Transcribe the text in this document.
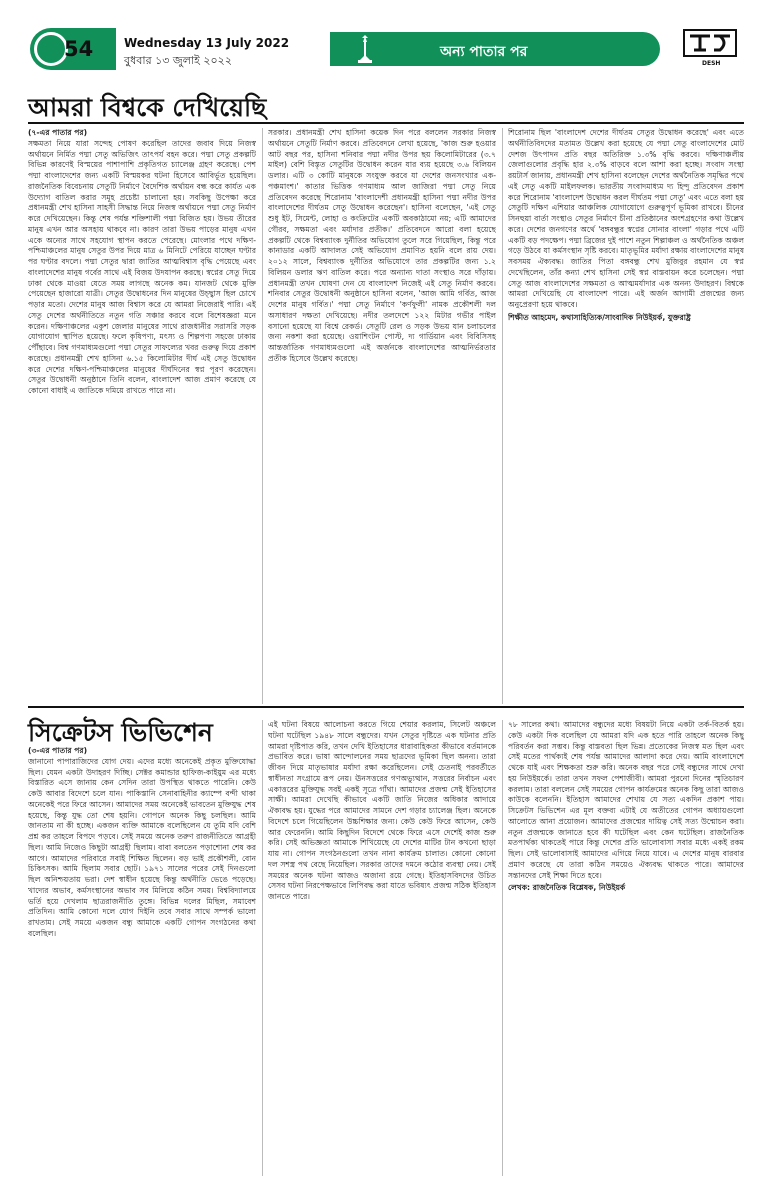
54	Wednesday 13 July 2022
বুধবার ১৩ জুলাই ২০২২
অন্য পাতার পর
DESH
আমরা বিশ্বকে দেখিয়েছি

(৭-এর পাতার পর)

সক্ষমতা নিয়ে যারা সন্দেহ পোষণ করেছিল তাদের জবাব দিয়ে নিজস্ব অর্থায়নে নির্মিত পদ্মা সেতু অভিজিৎ তাৎপর্য বহন করে। পদ্মা সেতু প্রকল্পটি বিভিন্ন কারণেই বিস্ময়ের পাশাপাশি প্রকৃতিগত চ্যালেঞ্জ গ্রহণ করেছে। পেশ পদ্মা বাংলাদেশের জন্য একটি বিস্ময়কর ঘটনা হিসেবে আবির্ভূত হয়েছিল। রাজনৈতিক বিবেচনায় সেতুটি নির্মাণে বৈদেশিক অর্থায়ন বন্ধ করে কার্যত এক উদ্যোগ বাতিল করার সমূহ প্রচেষ্টা চালানো হয়। সবকিছু উপেক্ষা করে প্রধানমন্ত্রী শেখ হাসিনা সাহসী সিদ্ধান্ত নিয়ে নিজস্ব অর্থায়নে পদ্মা সেতু নির্মাণ করে দেখিয়েছেন। কিন্তু শেষ পর্যন্ত শক্তিশালী পদ্মা বিজিত হয়। উভয় তীরের মানুষ এখন আর অসহায় থাকবে না। কারণ তারা উভয় পাড়ের মানুষ এখন একে অন্যের সাথে সহযোগ স্থাপন করতে পেরেছে। মোংলার পথে দক্ষিণ-পশ্চিমাঞ্চলের মানুষ সেতুর উপর দিয়ে মাত্র ৬ মিনিটে পেরিয়ে যাচ্ছেন ঘণ্টার পর ঘণ্টার বদলে। পদ্মা সেতুর দ্বারা জাতির আত্মবিশ্বাস বৃদ্ধি পেয়েছে এবং বাংলাদেশের মানুষ গর্বের সাথে এই বিজয় উদযাপন করছে। স্বপ্নের সেতু দিয়ে ঢাকা থেকে মাওয়া যেতে সময় লাগছে অনেক কম। যানজট থেকে মুক্তি পেয়েছেন হাজারো যাত্রী। সেতুর উদ্বোধনের দিন মানুষের উচ্ছ্বাস ছিল চোখে পড়ার মতো। দেশের মানুষ আজ বিশ্বাস করে যে আমরা নিজেরাই পারি। এই সেতু দেশের অর্থনীতিতে নতুন গতি সঞ্চার করবে বলে বিশেষজ্ঞরা মনে করেন। দক্ষিণাঞ্চলের একুশ জেলার মানুষের সাথে রাজধানীর সরাসরি সড়ক যোগাযোগ স্থাপিত হয়েছে। ফলে কৃষিপণ্য, মৎস্য ও শিল্পপণ্য সহজে ঢাকায় পৌঁছাবে। বিশ্ব গণমাধ্যমগুলো পদ্মা সেতুর সাফল্যের খবর গুরুত্ব দিয়ে প্রকাশ করেছে। প্রধানমন্ত্রী শেখ হাসিনা ৬.১৫ কিলোমিটার দীর্ঘ এই সেতু উদ্বোধন করে দেশের দক্ষিণ-পশ্চিমাঞ্চলের মানুষের দীর্ঘদিনের স্বপ্ন পূরণ করেছেন। সেতুর উদ্বোধনী অনুষ্ঠানে তিনি বলেন, বাংলাদেশ আজ প্রমাণ করেছে যে কোনো বাধাই এ জাতিকে দমিয়ে রাখতে পারে না।

সরকার। প্রধানমন্ত্রী শেখ হাসিনা কয়েক দিন পরে বললেন সরকার নিজস্ব অর্থায়নে সেতুটি নির্মাণ করবে। প্রতিবেদনে লেখা হয়েছে, 'কাজ শুরু হওয়ার আট বছর পর, হাসিনা শনিবার পদ্মা নদীর উপর ছয় কিলোমিটারের (৩.৭ মাইল) বেশি বিস্তৃত সেতুটির উদ্বোধন করেন যার ব্যয় হয়েছে ৩.৬ বিলিয়ন ডলার। এটি ৩ কোটি মানুষকে সংযুক্ত করবে যা দেশের জনসংখ্যার এক-পঞ্চমাংশ।' কাতার ভিত্তিক গণমাধ্যম আল জাজিরা পদ্মা সেতু নিয়ে প্রতিবেদন করেছে শিরোনাম 'বাংলাদেশী প্রধানমন্ত্রী হাসিনা পদ্মা নদীর উপর বাংলাদেশের দীর্ঘতম সেতু উদ্বোধন করেছেন'। হাসিনা বলেছেন, 'এই সেতু শুধু ইট, সিমেন্ট, লোহা ও কংক্রিটের একটি অবকাঠামো নয়; এটি আমাদের গৌরব, সক্ষমতা এবং মর্যাদার প্রতীক।' প্রতিবেদনে আরো বলা হয়েছে প্রকল্পটি থেকে বিশ্বব্যাংক দুর্নীতির অভিযোগ তুলে সরে গিয়েছিল, কিন্তু পরে কানাডার একটি আদালত সেই অভিযোগ প্রমাণিত হয়নি বলে রায় দেয়। ২০১২ সালে, বিশ্বব্যাংক দুর্নীতির অভিযোগে তার প্রকল্পটির জন্য ১.২ বিলিয়ন ডলার ঋণ বাতিল করে। পরে অন্যান্য দাতা সংস্থাও সরে দাঁড়ায়। প্রধানমন্ত্রী তখন ঘোষণা দেন যে বাংলাদেশ নিজেই এই সেতু নির্মাণ করবে। শনিবার সেতুর উদ্বোধনী অনুষ্ঠানে হাসিনা বলেন, 'আজ আমি গর্বিত, আজ দেশের মানুষ গর্বিত।' পদ্মা সেতু নির্মাণে 'কর্ণফুলী' নামক প্রকৌশলী দল অসাধারণ দক্ষতা দেখিয়েছে। নদীর তলদেশে ১২২ মিটার গভীর পাইল বসানো হয়েছে যা বিশ্বে রেকর্ড। সেতুটি রেল ও সড়ক উভয় যান চলাচলের জন্য নকশা করা হয়েছে। ওয়াশিংটন পোস্ট, দ্য গার্ডিয়ান এবং বিবিসিসহ আন্তর্জাতিক গণমাধ্যমগুলো এই অর্জনকে বাংলাদেশের আত্মনির্ভরতার প্রতীক হিসেবে উল্লেখ করেছে।

শিরোনাম ছিল 'বাংলাদেশ দেশের দীর্ঘতম সেতুর উদ্বোধন করেছে' এবং এতে অর্থনীতিবিদদের মতামত উল্লেখ করা হয়েছে যে পদ্মা সেতু বাংলাদেশের মোট দেশজ উৎপাদন প্রতি বছর অতিরিক্ত ১.৩% বৃদ্ধি করবে। দক্ষিণাঞ্চলীয় জেলাগুলোর প্রবৃদ্ধি হার ২.৩% বাড়বে বলে আশা করা হচ্ছে। সংবাদ সংস্থা রয়টার্স জানায়, প্রধানমন্ত্রী শেখ হাসিনা বলেছেন দেশের অর্থনৈতিক সমৃদ্ধির পথে এই সেতু একটি মাইলফলক। ভারতীয় সংবাদমাধ্যম দ্য হিন্দু প্রতিবেদন প্রকাশ করে শিরোনাম 'বাংলাদেশ উদ্বোধন করল দীর্ঘতম পদ্মা সেতু' এবং এতে বলা হয় সেতুটি দক্ষিণ এশিয়ার আঞ্চলিক যোগাযোগে গুরুত্বপূর্ণ ভূমিকা রাখবে। চীনের সিনহুয়া বার্তা সংস্থাও সেতুর নির্মাণে চীনা প্রতিষ্ঠানের অংশগ্রহণের কথা উল্লেখ করে। দেশের জনগণের অর্থে 'বঙ্গবন্ধুর স্বপ্নের সোনার বাংলা' গড়ার পথে এটি একটি বড় পদক্ষেপ। পদ্মা ব্রিজের দুই পাশে নতুন শিল্পাঞ্চল ও অর্থনৈতিক অঞ্চল গড়ে উঠবে যা কর্মসংস্থান সৃষ্টি করবে। মাতৃভূমির মর্যাদা রক্ষায় বাংলাদেশের মানুষ সবসময় ঐক্যবদ্ধ। জাতির পিতা বঙ্গবন্ধু শেখ মুজিবুর রহমান যে স্বপ্ন দেখেছিলেন, তাঁর কন্যা শেখ হাসিনা সেই স্বপ্ন বাস্তবায়ন করে চলেছেন। পদ্মা সেতু আজ বাংলাদেশের সক্ষমতা ও আত্মমর্যাদার এক অনন্য উদাহরণ। বিশ্বকে আমরা দেখিয়েছি যে বাংলাদেশ পারে। এই অর্জন আগামী প্রজন্মের জন্য অনুপ্রেরণা হয়ে থাকবে।

শিক্ষীত আহমেদ, কথাসাহিত্যিক/সাংবাদিক নিউইয়র্ক, যুক্তরাষ্ট্র

সিক্রেটস ভিভিশেন

(৩-এর পাতার পর)

জানানো পাপারাজিদের যোগ দেয়। এদের মধ্যে অনেকেই প্রকৃত মুক্তিযোদ্ধা ছিল। যেমন একটা উদাহরণ দিচ্ছি। সেক্টর কমান্ডার হাফিজ-কাইয়ুম এর মধ্যে বিস্তারিত এসে জানায় কেন সেদিন তারা উপস্থিত থাকতে পারেনি। কেউ কেউ আবার বিদেশে চলে যান। পাকিস্তানি সেনাবাহিনীর ক্যাম্পে বন্দী থাকা অনেকেই পরে ফিরে আসেন। আমাদের সময় অনেকেই ভাবতেন মুক্তিযুদ্ধ শেষ হয়েছে, কিন্তু যুদ্ধ তো শেষ হয়নি। গোপনে অনেক কিছু চলছিল। আমি জানতাম না কী হচ্ছে। একজন ব্যক্তি আমাকে বলেছিলেন যে তুমি যদি বেশি প্রশ্ন কর তাহলে বিপদে পড়বে। সেই সময়ে অনেক তরুণ রাজনীতিতে আগ্রহী ছিল। আমি নিজেও কিছুটা আগ্রহী ছিলাম। বাবা বলতেন পড়াশোনা শেষ কর আগে। আমাদের পরিবারে সবাই শিক্ষিত ছিলেন। বড় ভাই প্রকৌশলী, বোন চিকিৎসক। আমি ছিলাম সবার ছোট। ১৯৭১ সালের পরের সেই দিনগুলো ছিল অনিশ্চয়তায় ভরা। দেশ স্বাধীন হয়েছে কিন্তু অর্থনীতি ভেঙে পড়েছে। খাদ্যের অভাব, কর্মসংস্থানের অভাব সব মিলিয়ে কঠিন সময়। বিশ্ববিদ্যালয়ে ভর্তি হয়ে দেখলাম ছাত্ররাজনীতি তুঙ্গে। বিভিন্ন দলের মিছিল, সমাবেশ প্রতিদিন। আমি কোনো দলে যোগ দিইনি তবে সবার সাথে সম্পর্ক ভালো রাখতাম। সেই সময়ে একজন বন্ধু আমাকে একটি গোপন সংগঠনের কথা বলেছিল।

এই ঘটনা বিষয়ে আলোচনা করতে গিয়ে শেয়ার করলাম, সিলেট অঞ্চলে ঘটনা ঘটেছিল ১৯৪৮ সালে বন্ধুদের। যখন সেতুর দৃষ্টিতে এক ঘটনার প্রতি আমরা দৃষ্টিপাত করি, তখন দেখি ইতিহাসের ধারাবাহিকতা কীভাবে বর্তমানকে প্রভাবিত করে। ভাষা আন্দোলনের সময় ছাত্রদের ভূমিকা ছিল অনন্য। তারা জীবন দিয়ে মাতৃভাষার মর্যাদা রক্ষা করেছিলেন। সেই চেতনাই পরবর্তীতে স্বাধীনতা সংগ্রামে রূপ নেয়। ঊনসত্তরের গণঅভ্যুত্থান, সত্তরের নির্বাচন এবং একাত্তরের মুক্তিযুদ্ধ সবই একই সূত্রে গাঁথা। আমাদের প্রজন্ম সেই ইতিহাসের সাক্ষী। আমরা দেখেছি কীভাবে একটি জাতি নিজের অধিকার আদায়ে ঐক্যবদ্ধ হয়। যুদ্ধের পরে আমাদের সামনে দেশ গড়ার চ্যালেঞ্জ ছিল। অনেকে বিদেশে চলে গিয়েছিলেন উচ্চশিক্ষার জন্য। কেউ কেউ ফিরে আসেন, কেউ আর ফেরেননি। আমি কিছুদিন বিদেশে থেকে ফিরে এসে দেশেই কাজ শুরু করি। সেই অভিজ্ঞতা আমাকে শিখিয়েছে যে দেশের মাটির টান কখনো ছাড়া যায় না। গোপন সংগঠনগুলো তখন নানা কার্যক্রম চালাত। কোনো কোনো দল সশস্ত্র পথ বেছে নিয়েছিল। সরকার তাদের দমনে কঠোর ব্যবস্থা নেয়। সেই সময়ের অনেক ঘটনা আজও অজানা রয়ে গেছে। ইতিহাসবিদদের উচিত সেসব ঘটনা নিরপেক্ষভাবে লিপিবদ্ধ করা যাতে ভবিষ্যৎ প্রজন্ম সঠিক ইতিহাস জানতে পারে।

৭৮ সালের কথা। আমাদের বন্ধুদের মধ্যে বিষয়টা নিয়ে একটা তর্ক-বিতর্ক হয়। কেউ একটা দিক বলেছিল যে আমরা যদি এক হতে পারি তাহলে অনেক কিছু পরিবর্তন করা সম্ভব। কিন্তু বাস্তবতা ছিল ভিন্ন। প্রত্যেকের নিজস্ব মত ছিল এবং সেই মতের পার্থক্যই শেষ পর্যন্ত আমাদের আলাদা করে দেয়। আমি বাংলাদেশে থেকে যাই এবং শিক্ষকতা শুরু করি। অনেক বছর পরে সেই বন্ধুদের সাথে দেখা হয় নিউইয়র্কে। তারা তখন সফল পেশাজীবী। আমরা পুরনো দিনের স্মৃতিচারণ করলাম। তারা বললেন সেই সময়ের গোপন কার্যক্রমের অনেক কিছু তারা আজও কাউকে বলেননি। ইতিহাস আমাদের শেখায় যে সত্য একদিন প্রকাশ পায়। সিক্রেটস ভিভিশেন এর মূল বক্তব্য এটাই যে অতীতের গোপন অধ্যায়গুলো আলোতে আনা প্রয়োজন। আমাদের প্রজন্মের দায়িত্ব সেই সত্য উন্মোচন করা। নতুন প্রজন্মকে জানাতে হবে কী ঘটেছিল এবং কেন ঘটেছিল। রাজনৈতিক মতপার্থক্য থাকতেই পারে কিন্তু দেশের প্রতি ভালোবাসা সবার মধ্যে একই রকম ছিল। সেই ভালোবাসাই আমাদের এগিয়ে নিয়ে যাবে। এ দেশের মানুষ বারবার প্রমাণ করেছে যে তারা কঠিন সময়েও ঐক্যবদ্ধ থাকতে পারে। আমাদের সন্তানদের সেই শিক্ষা দিতে হবে।

লেখক: রাজনৈতিক বিশ্লেষক, নিউইয়র্ক
